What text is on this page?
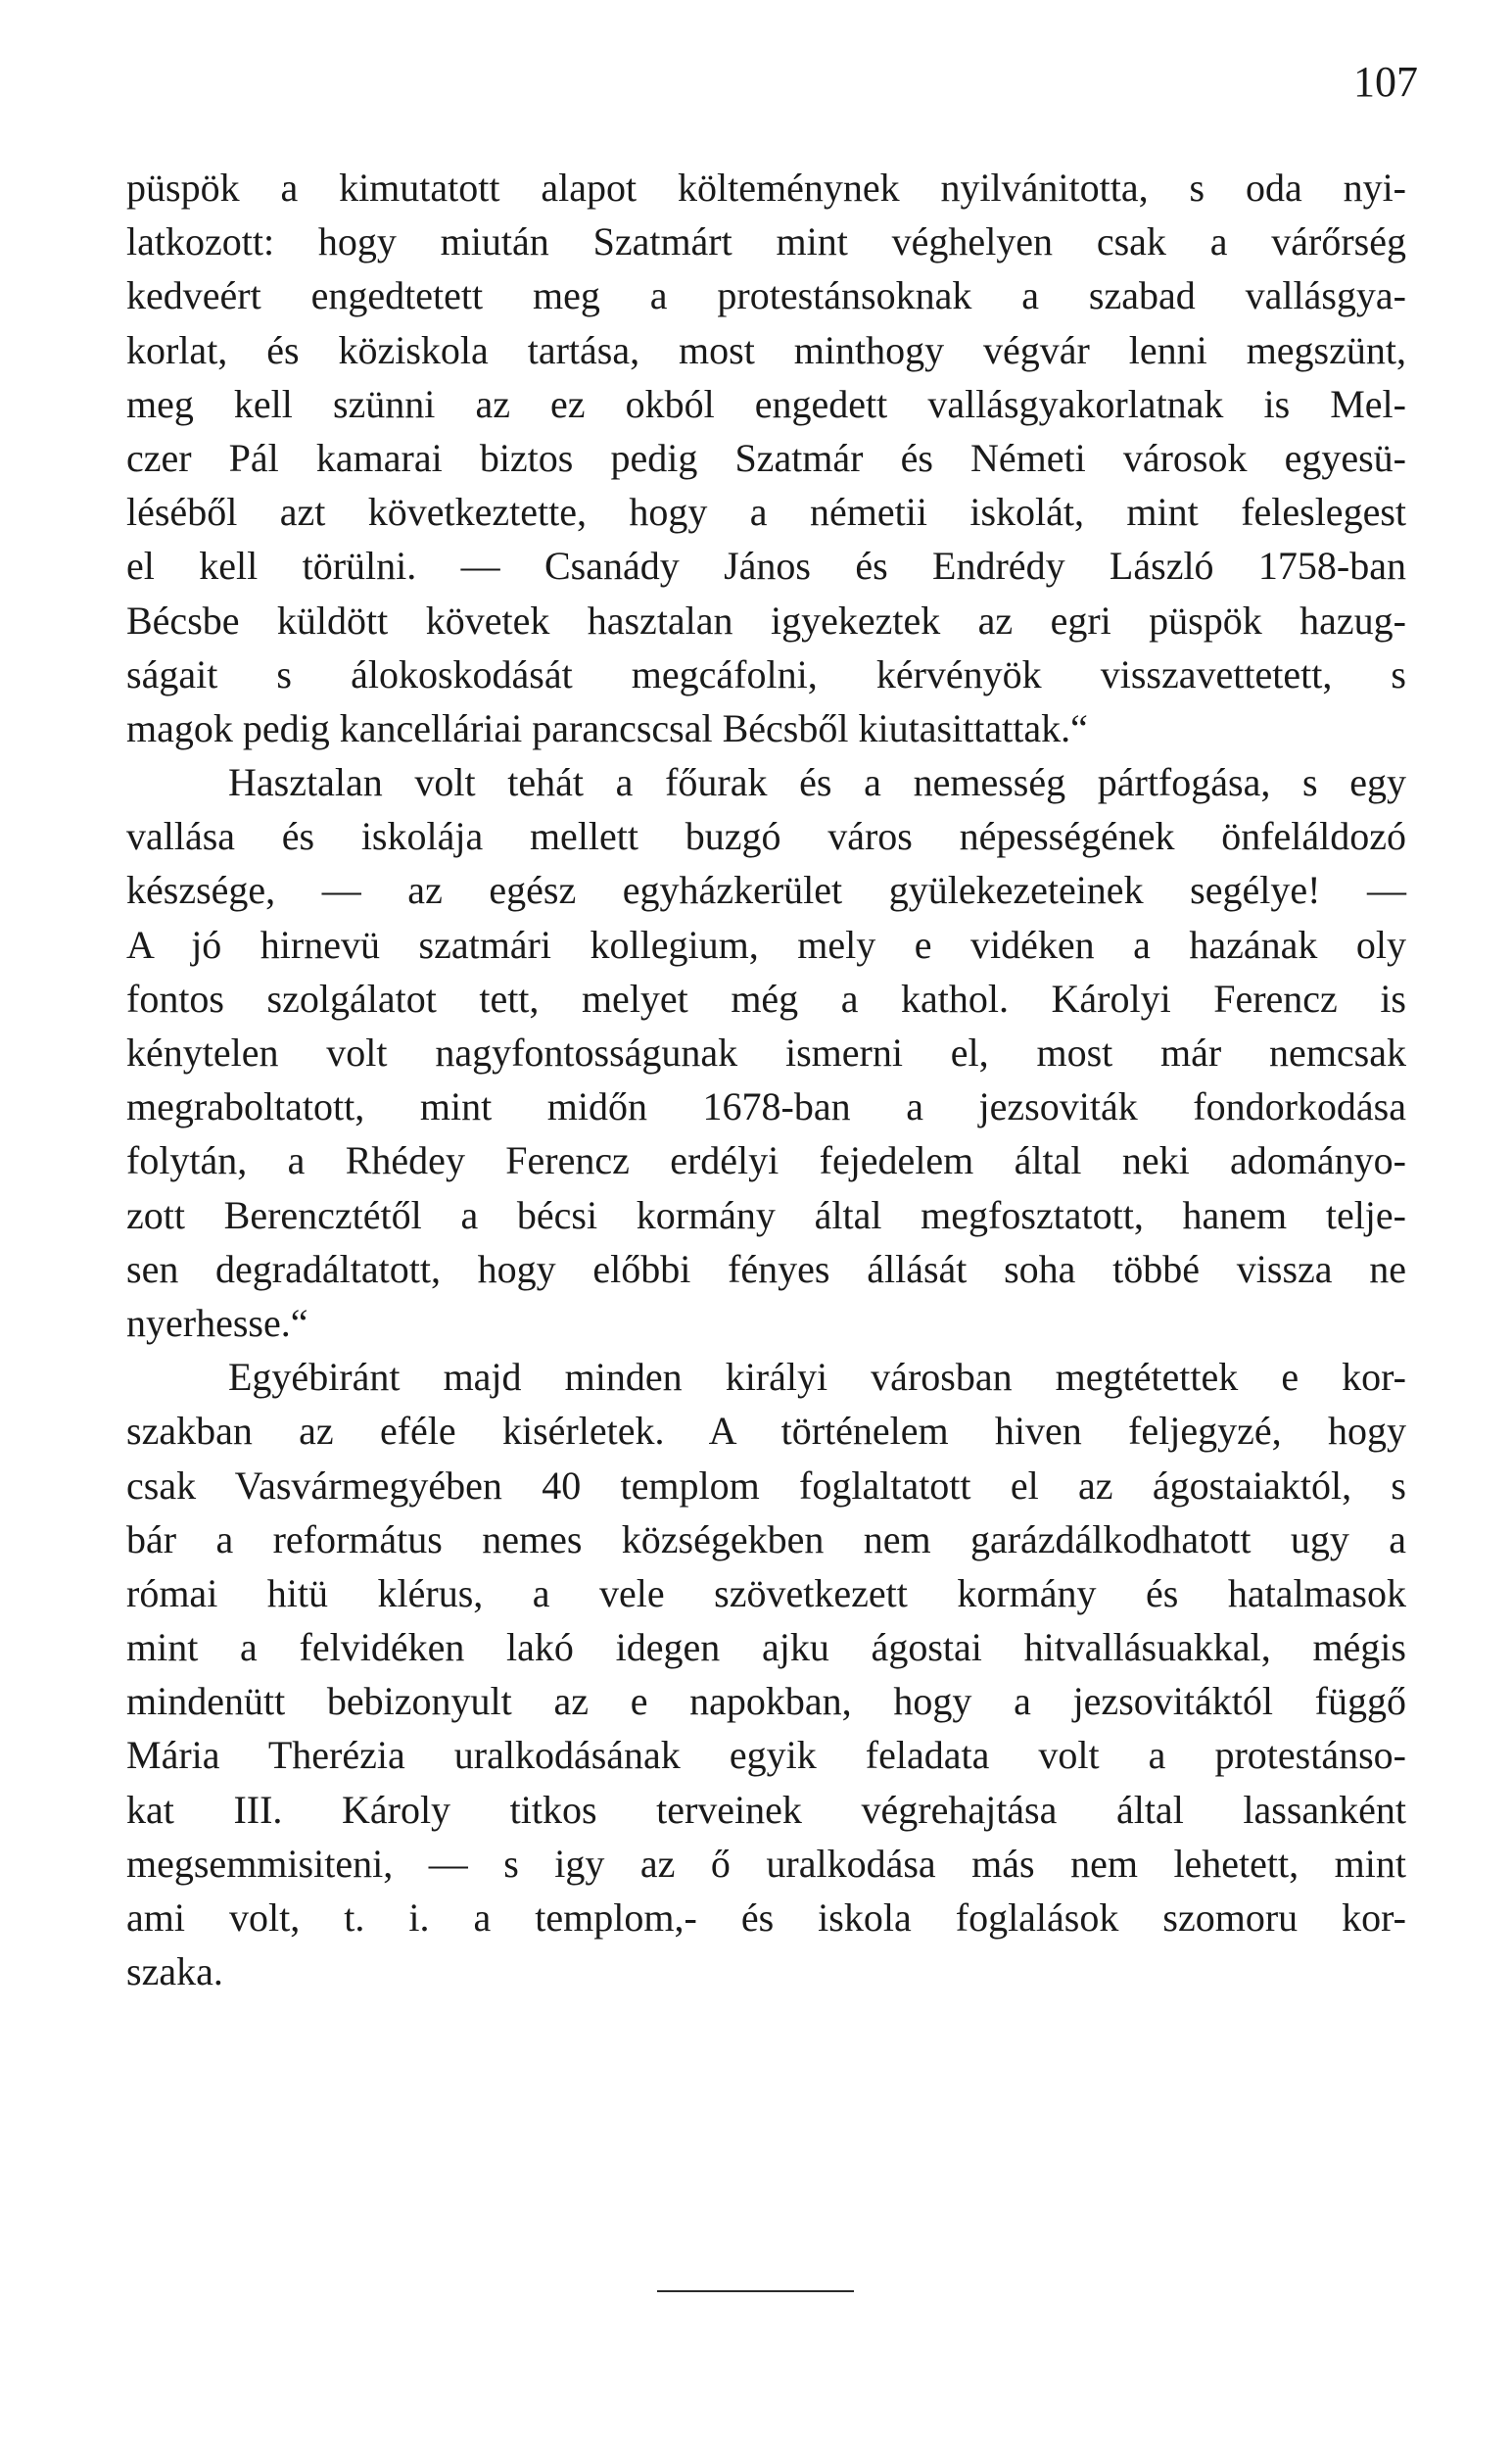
107
püspök a kimutatott alapot költeménynek nyilvánitotta, s oda nyi-
latkozott: hogy miután Szatmárt mint véghelyen csak a várőrség
kedveért engedtetett meg a protestánsoknak a szabad vallásgya-
korlat, és köziskola tartása, most minthogy végvár lenni megszünt,
meg kell szünni az ez okból engedett vallásgyakorlatnak is Mel-
czer Pál kamarai biztos pedig Szatmár és Németi városok egyesü-
léséből azt következtette, hogy a németii iskolát, mint feleslegest
el kell törülni. — Csanády János és Endrédy László 1758-ban
Bécsbe küldött követek hasztalan igyekeztek az egri püspök hazug-
ságait s álokoskodását megcáfolni, kérvényök visszavettetett, s
magok pedig kancelláriai parancscsal Bécsből kiutasittattak.“
Hasztalan volt tehát a főurak és a nemesség pártfogása, s egy
vallása és iskolája mellett buzgó város népességének önfeláldozó
készsége, — az egész egyházkerület gyülekezeteinek segélye! —
A jó hirnevü szatmári kollegium, mely e vidéken a hazának oly
fontos szolgálatot tett, melyet még a kathol. Károlyi Ferencz is
kénytelen volt nagyfontosságunak ismerni el, most már nemcsak
megraboltatott, mint midőn 1678-ban a jezsoviták fondorkodása
folytán, a Rhédey Ferencz erdélyi fejedelem által neki adományo-
zott Berencztétől a bécsi kormány által megfosztatott, hanem telje-
sen degradáltatott, hogy előbbi fényes állását soha többé vissza ne
nyerhesse.“
Egyébiránt majd minden királyi városban megtétettek e kor-
szakban az eféle kisérletek. A történelem hiven feljegyzé, hogy
csak Vasvármegyében 40 templom foglaltatott el az ágostaiaktól, s
bár a református nemes községekben nem garázdálkodhatott ugy a
római hitü klérus, a vele szövetkezett kormány és hatalmasok
mint a felvidéken lakó idegen ajku ágostai hitvallásuakkal, mégis
mindenütt bebizonyult az e napokban, hogy a jezsovitáktól függő
Mária Therézia uralkodásának egyik feladata volt a protestánso-
kat III. Károly titkos terveinek végrehajtása által lassanként
megsemmisiteni, — s igy az ő uralkodása más nem lehetett, mint
ami volt, t. i. a templom,- és iskola foglalások szomoru kor-
szaka.
